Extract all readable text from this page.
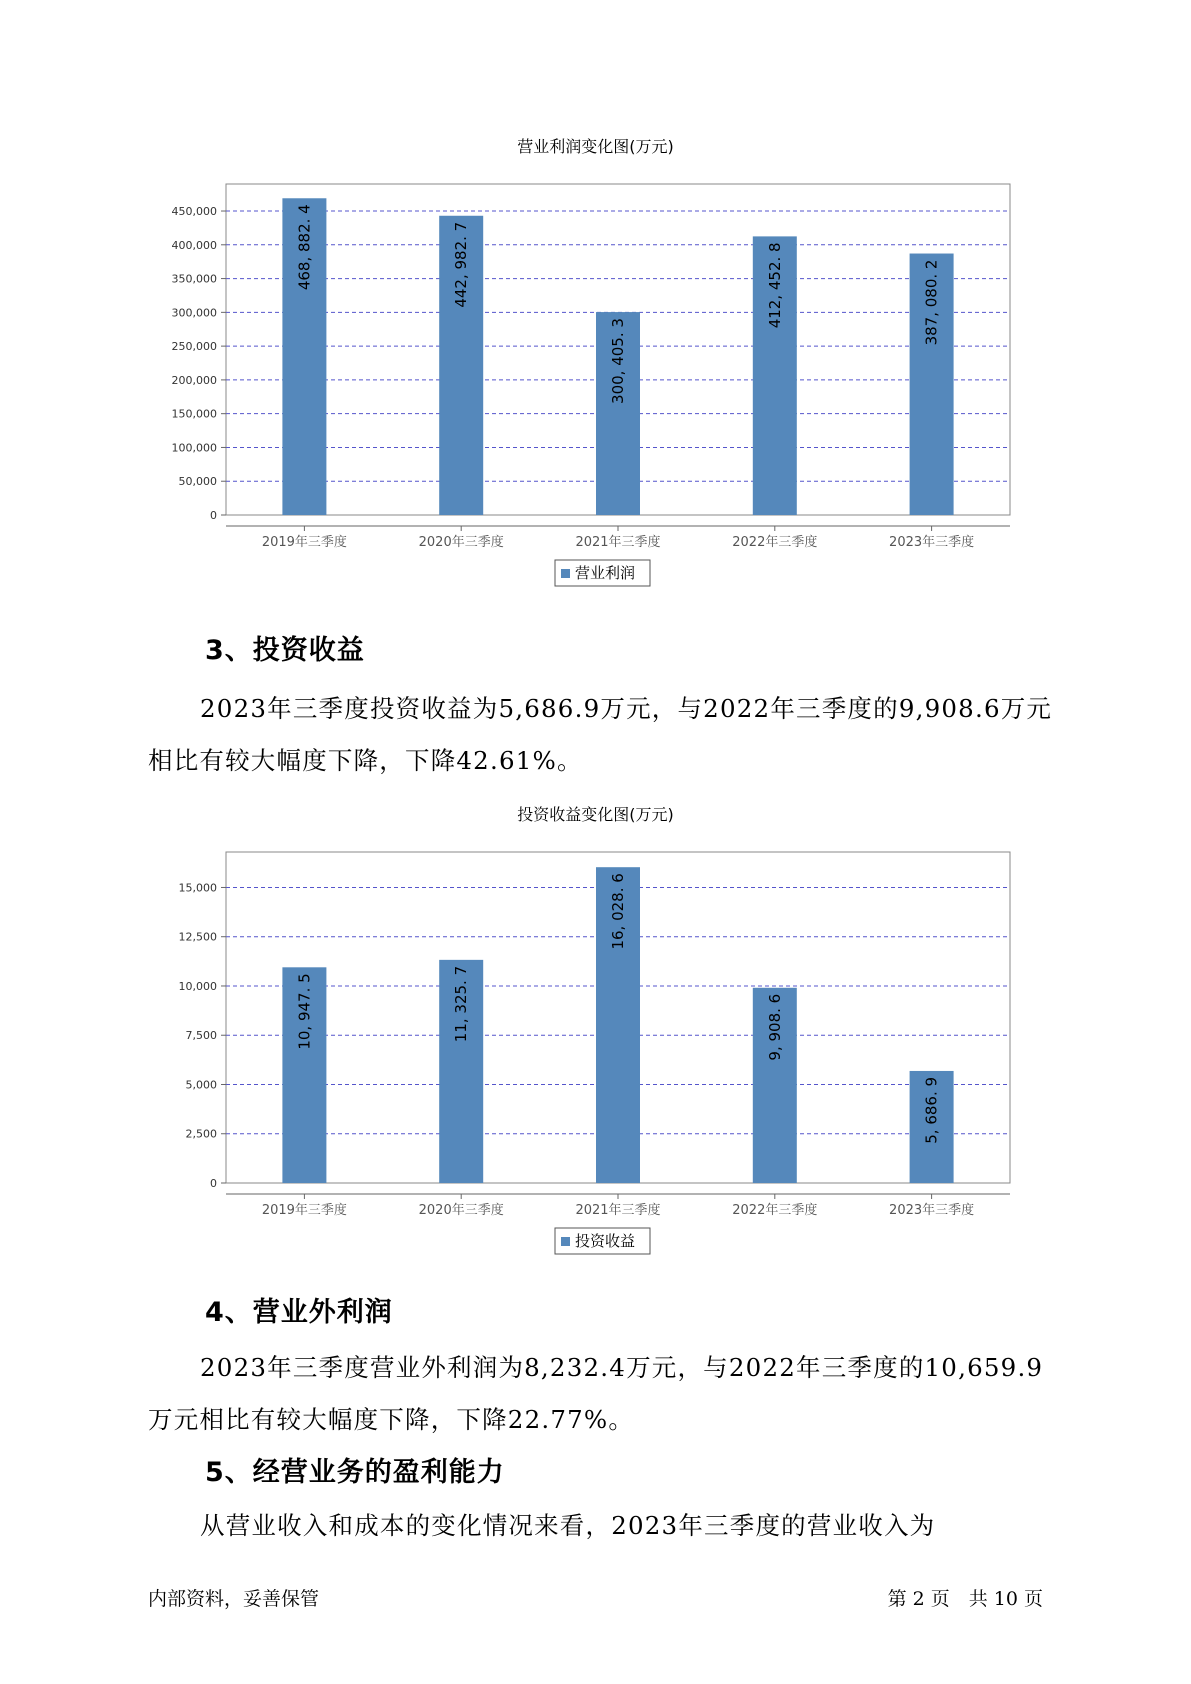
营业利润变化图(万元)
0
50,000
100,000
150,000
200,000
250,000
300,000
350,000
400,000
450,000
2019年三季度
468, 882. 4
2020年三季度
442, 982. 7
2021年三季度
300, 405. 3
2022年三季度
412, 452. 8
2023年三季度
387, 080. 2
营业利润
3、投资收益

2023年三季度投资收益为5,686.9万元，与2022年三季度的9,908.6万元相比有较大幅度下降，下降42.61%。

投资收益变化图(万元)
0
2,500
5,000
7,500
10,000
12,500
15,000
2019年三季度
10, 947. 5
2020年三季度
11, 325. 7
2021年三季度
16, 028. 6
2022年三季度
9, 908. 6
2023年三季度
5, 686. 9
投资收益
4、营业外利润

2023年三季度营业外利润为8,232.4万元，与2022年三季度的10,659.9万元相比有较大幅度下降，下降22.77%。

5、经营业务的盈利能力

从营业收入和成本的变化情况来看，2023年三季度的营业收入为

内部资料，妥善保管	第 2 页　共 10 页
